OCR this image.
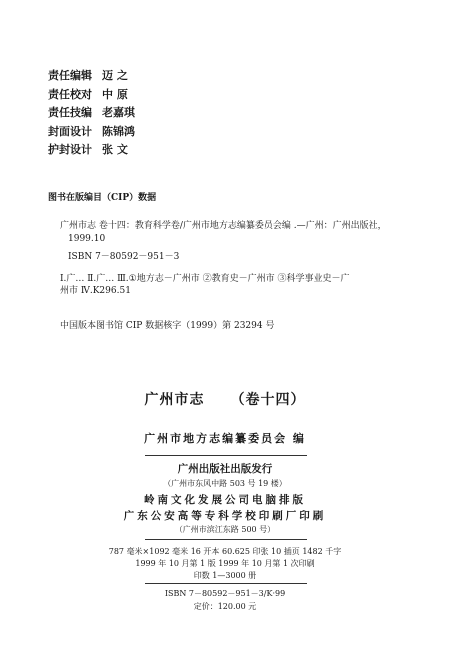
责任编辑 迈 之
责任校对 中 原
责任技编 老嘉琪
封面设计 陈锦鸿
护封设计 张 文
图书在版编目（CIP）数据

广州市志 卷十四：教育科学卷/广州市地方志编纂委员会编 .—广州：广州出版社，

1999.10

ISBN 7－80592－951－3

Ⅰ.广… Ⅱ.广… Ⅲ.①地方志－广州市 ②教育史－广州市 ③科学事业史－广

州市 Ⅳ.K296.51

中国版本图书馆 CIP 数据核字（1999）第 23294 号
广州市志 （卷十四）
广州市地方志编纂委员会 编
广州出版社出版发行
（广州市东风中路 503 号 19 楼）
岭南文化发展公司电脑排版
广东公安高等专科学校印刷厂印刷
（广州市滨江东路 500 号）
787 毫米×1092 毫米 16 开本 60.625 印张 10 插页 1482 千字
1999 年 10 月第 1 版 1999 年 10 月第 1 次印刷
印数 1—3000 册
ISBN 7－80592－951－3/K·99
定价：120.00 元
